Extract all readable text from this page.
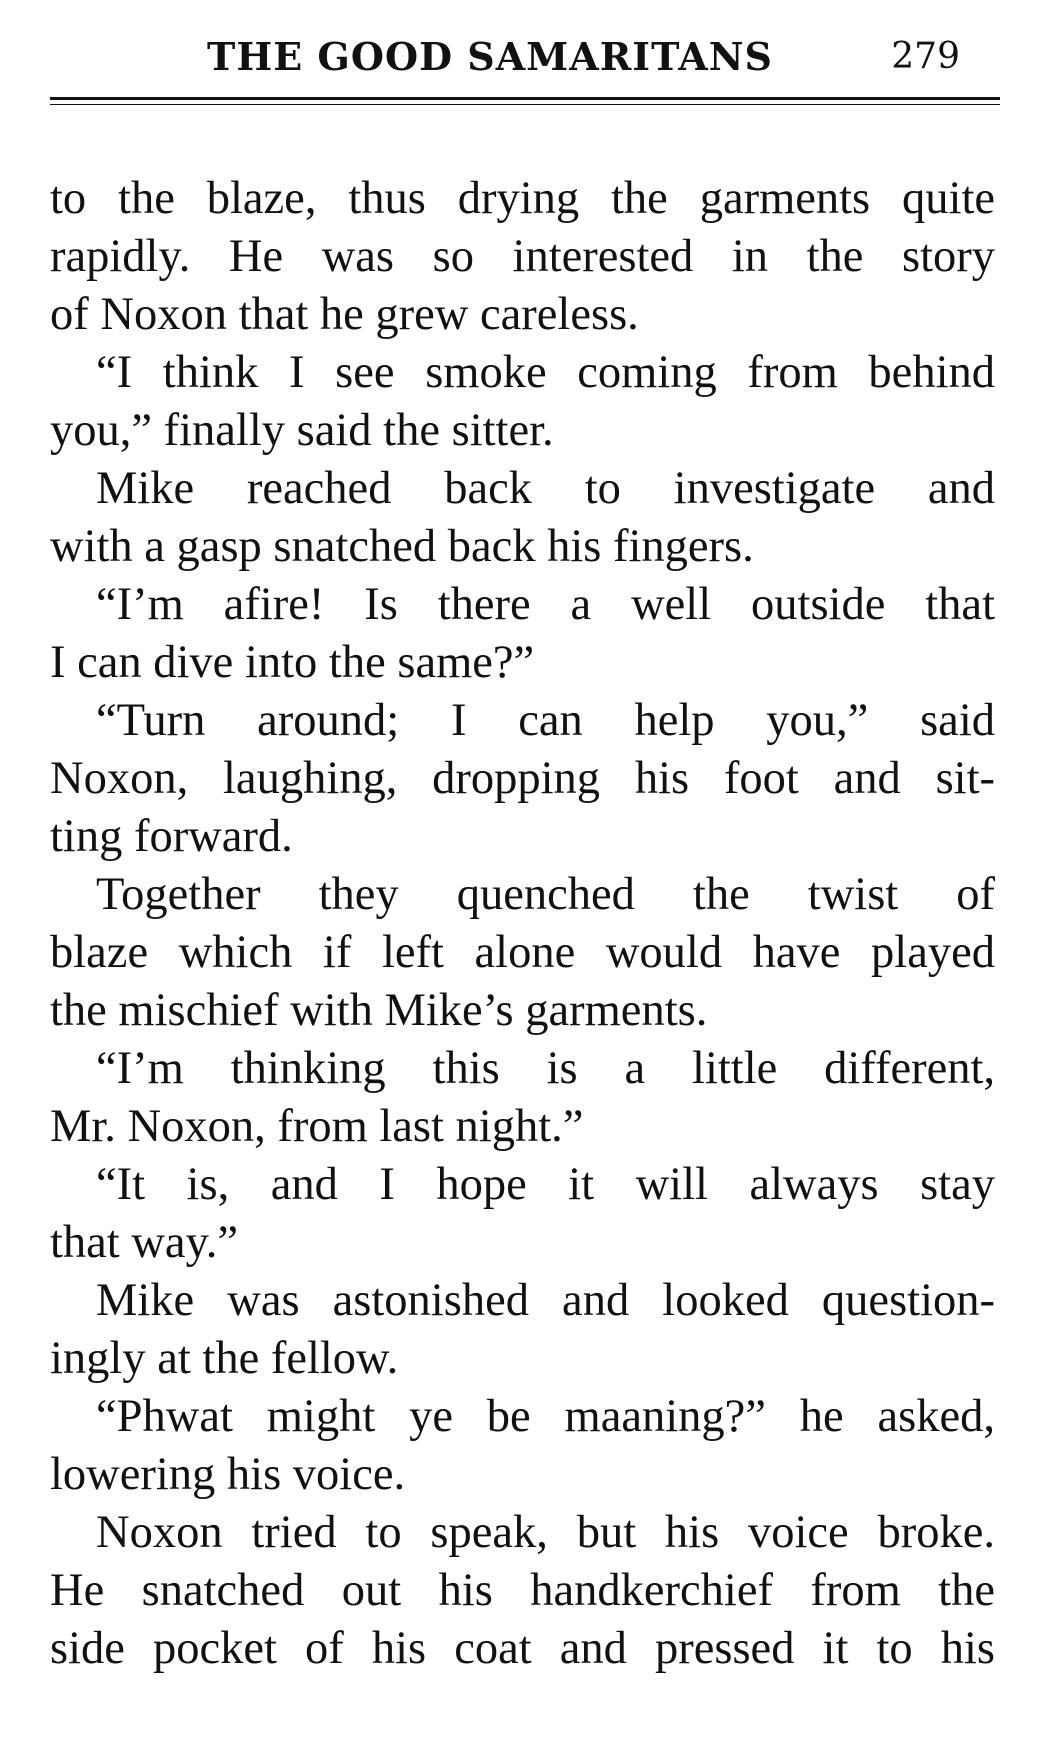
THE GOOD SAMARITANS	279
to the blaze, thus drying the garments quite
rapidly. He was so interested in the story
of Noxon that he grew careless.
“I think I see smoke coming from behind
you,” finally said the sitter.
Mike reached back to investigate and
with a gasp snatched back his fingers.
“I’m afire! Is there a well outside that
I can dive into the same?”
“Turn around; I can help you,” said
Noxon, laughing, dropping his foot and sit-
ting forward.
Together they quenched the twist of
blaze which if left alone would have played
the mischief with Mike’s garments.
“I’m thinking this is a little different,
Mr. Noxon, from last night.”
“It is, and I hope it will always stay
that way.”
Mike was astonished and looked question-
ingly at the fellow.
“Phwat might ye be maaning?” he asked,
lowering his voice.
Noxon tried to speak, but his voice broke.
He snatched out his handkerchief from the
side pocket of his coat and pressed it to his
